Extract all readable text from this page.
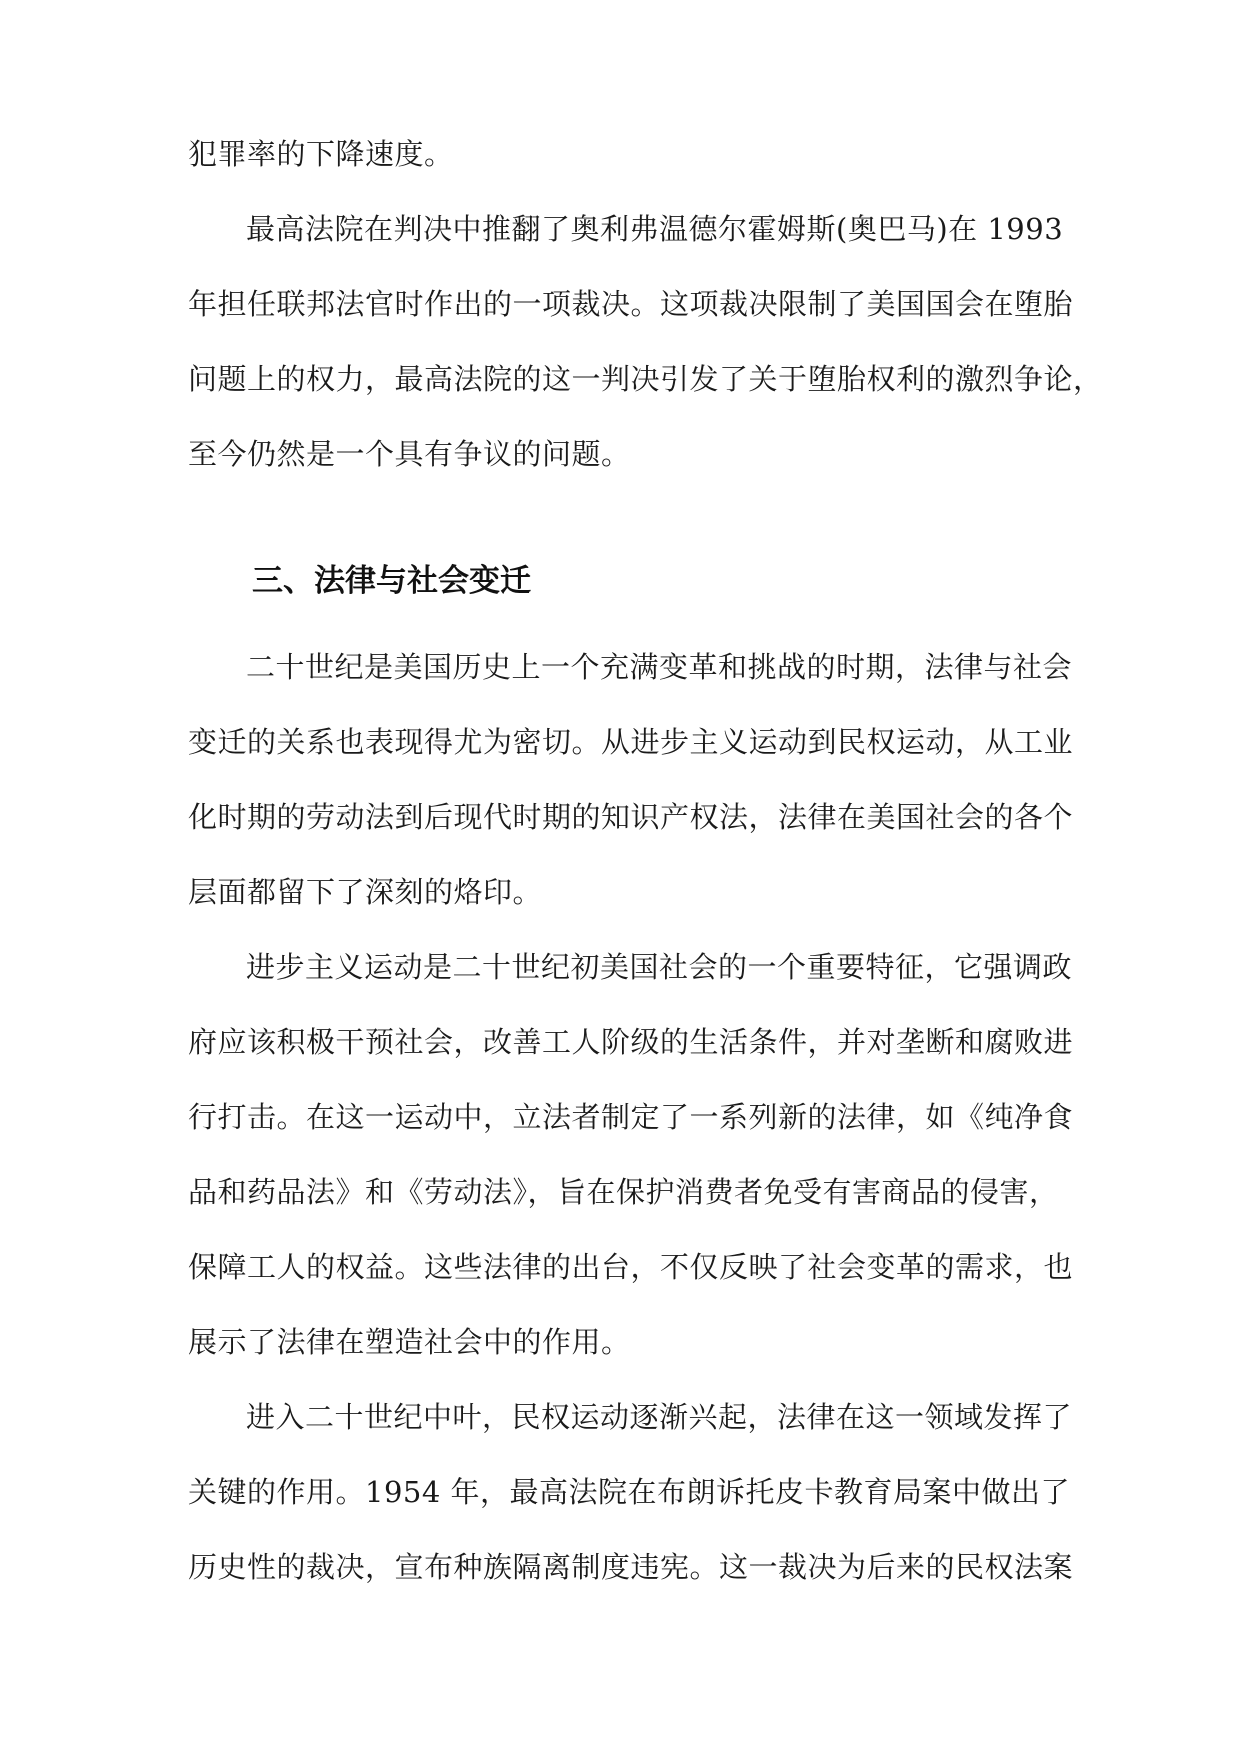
犯罪率的下降速度。
最高法院在判决中推翻了奥利弗温德尔霍姆斯(奥巴马)在 1993
年担任联邦法官时作出的一项裁决。这项裁决限制了美国国会在堕胎
问题上的权力，最高法院的这一判决引发了关于堕胎权利的激烈争论，
至今仍然是一个具有争议的问题。
三、法律与社会变迁
二十世纪是美国历史上一个充满变革和挑战的时期，法律与社会
变迁的关系也表现得尤为密切。从进步主义运动到民权运动，从工业
化时期的劳动法到后现代时期的知识产权法，法律在美国社会的各个
层面都留下了深刻的烙印。
进步主义运动是二十世纪初美国社会的一个重要特征，它强调政
府应该积极干预社会，改善工人阶级的生活条件，并对垄断和腐败进
行打击。在这一运动中，立法者制定了一系列新的法律，如《纯净食
品和药品法》和《劳动法》，旨在保护消费者免受有害商品的侵害，
保障工人的权益。这些法律的出台，不仅反映了社会变革的需求，也
展示了法律在塑造社会中的作用。
进入二十世纪中叶，民权运动逐渐兴起，法律在这一领域发挥了
关键的作用。1954 年，最高法院在布朗诉托皮卡教育局案中做出了
历史性的裁决，宣布种族隔离制度违宪。这一裁决为后来的民权法案
